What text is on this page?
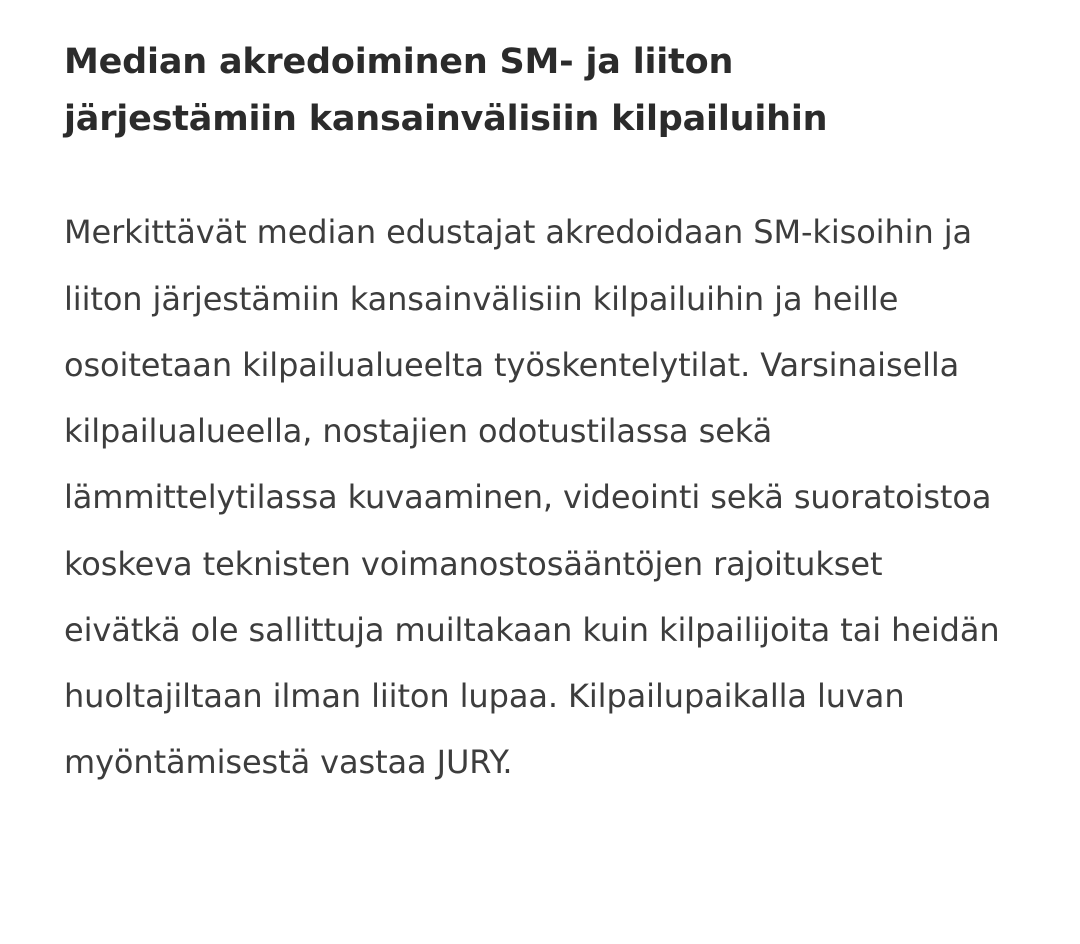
Median akredoiminen SM- ja liiton järjestämiin kansainvälisiin kilpailuihin

Merkittävät median edustajat akredoidaan SM-kisoihin ja liiton järjestämiin kansainvälisiin kilpailuihin ja heille osoitetaan kilpailualueelta työskentelytilat. Varsinaisella kilpailualueella, nostajien odotustilassa sekä lämmittelytilassa kuvaaminen, videointi sekä suoratoistoa koskeva teknisten voimanostosääntöjen rajoitukset eivätkä ole sallittuja muiltakaan kuin kilpailijoita tai heidän huoltajiltaan ilman liiton lupaa. Kilpailupaikalla luvan myöntämisestä vastaa JURY.
